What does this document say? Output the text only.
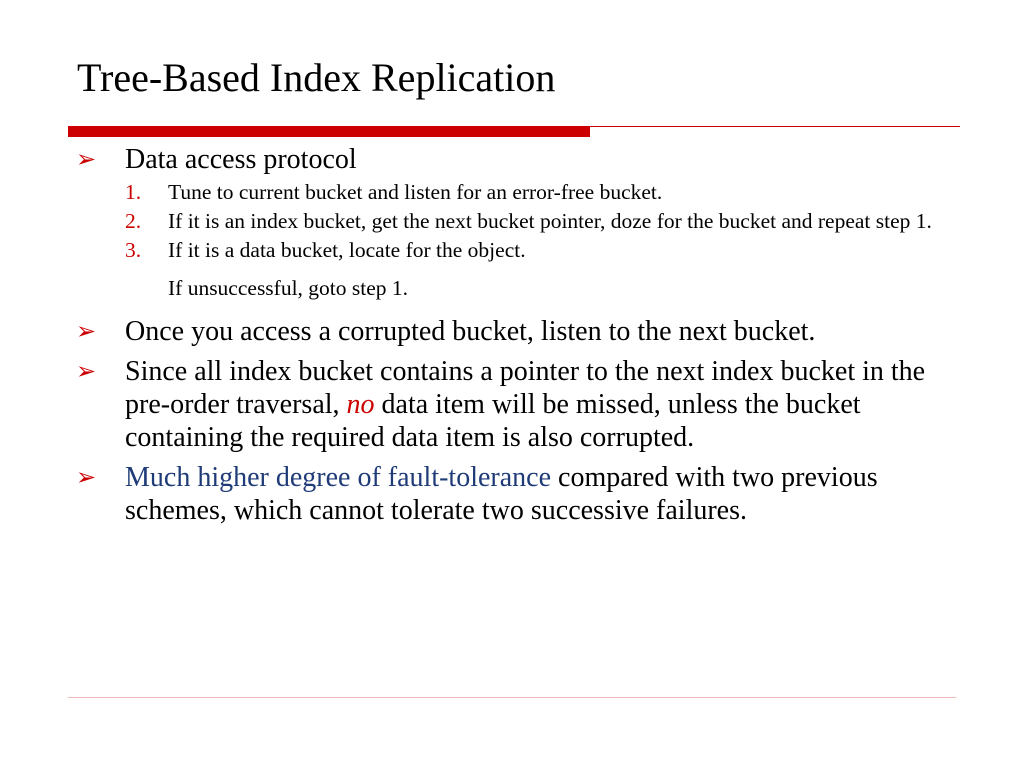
Tree-Based Index Replication
➢ Data access protocol
1. Tune to current bucket and listen for an error-free bucket.
2. If it is an index bucket, get the next bucket pointer, doze for the bucket and repeat step 1.
3. If it is a data bucket, locate for the object.
If unsuccessful, goto step 1.
➢ Once you access a corrupted bucket, listen to the next bucket.
➢ Since all index bucket contains a pointer to the next index bucket in the pre-order traversal, no data item will be missed, unless the bucket containing the required data item is also corrupted.
➢ Much higher degree of fault-tolerance compared with two previous schemes, which cannot tolerate two successive failures.
